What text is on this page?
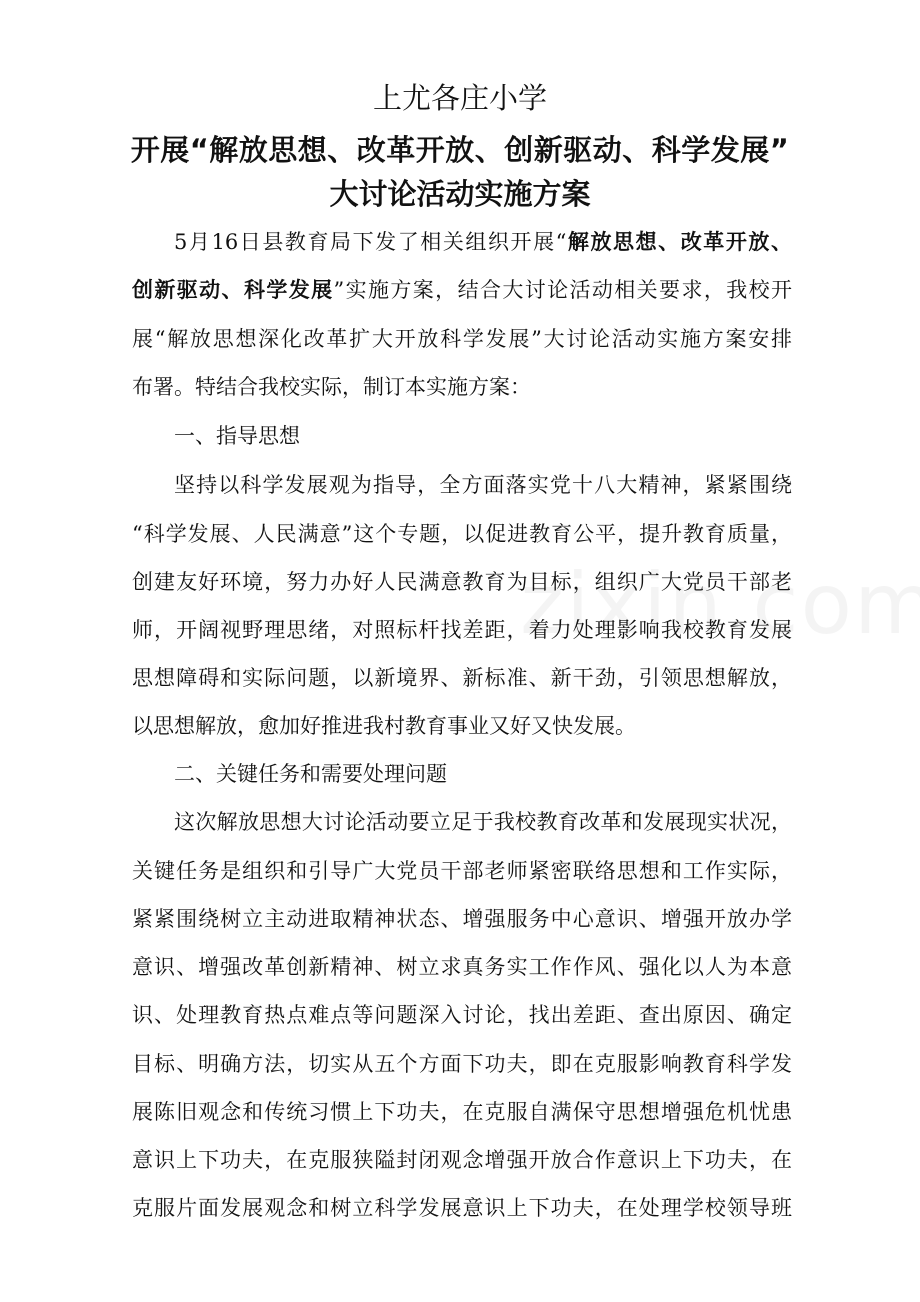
上尤各庄小学
开展“解放思想、改革开放、创新驱动、科学发展”
大讨论活动实施方案
5月16日县教育局下发了相关组织开展“解放思想、改革开放、
创新驱动、科学发展”实施方案，结合大讨论活动相关要求，我校开
展“解放思想深化改革扩大开放科学发展”大讨论活动实施方案安排
布署。特结合我校实际，制订本实施方案：
一、指导思想
坚持以科学发展观为指导，全方面落实党十八大精神，紧紧围绕
“科学发展、人民满意”这个专题，以促进教育公平，提升教育质量，
创建友好环境，努力办好人民满意教育为目标，组织广大党员干部老
师，开阔视野理思绪，对照标杆找差距，着力处理影响我校教育发展
思想障碍和实际问题，以新境界、新标准、新干劲，引领思想解放，
以思想解放，愈加好推进我村教育事业又好又快发展。
二、关键任务和需要处理问题
这次解放思想大讨论活动要立足于我校教育改革和发展现实状况，
关键任务是组织和引导广大党员干部老师紧密联络思想和工作实际，
紧紧围绕树立主动进取精神状态、增强服务中心意识、增强开放办学
意识、增强改革创新精神、树立求真务实工作作风、强化以人为本意
识、处理教育热点难点等问题深入讨论，找出差距、查出原因、确定
目标、明确方法，切实从五个方面下功夫，即在克服影响教育科学发
展陈旧观念和传统习惯上下功夫，在克服自满保守思想增强危机忧患
意识上下功夫，在克服狭隘封闭观念增强开放合作意识上下功夫，在
克服片面发展观念和树立科学发展意识上下功夫，在处理学校领导班
